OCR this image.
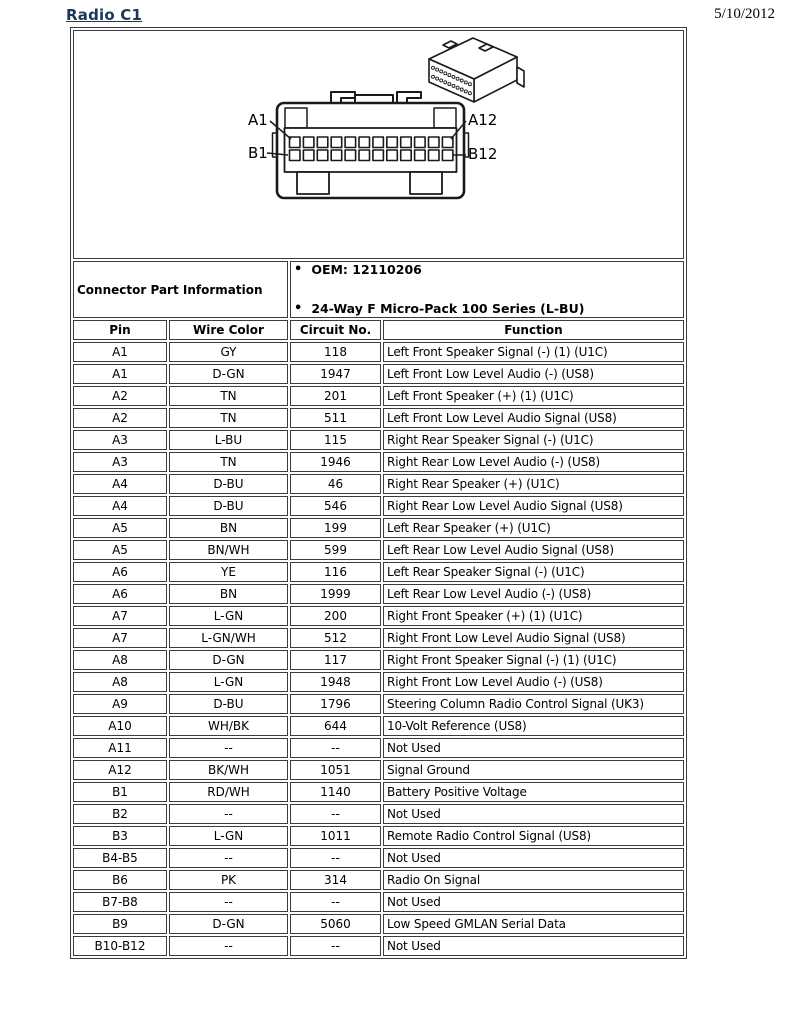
Radio C1	5/10/2012
A1 A12
B1 B12			

Connector Part Information		• OEM: 12110206
• 24-Way F Micro-Pack 100 Series (L-BU)	

Pin	Wire Color	Circuit No.	Function
A1	GY	118	Left Front Speaker Signal (-) (1) (U1C)
A1	D-GN	1947	Left Front Low Level Audio (-) (US8)
A2	TN	201	Left Front Speaker (+) (1) (U1C)
A2	TN	511	Left Front Low Level Audio Signal (US8)
A3	L-BU	115	Right Rear Speaker Signal (-) (U1C)
A3	TN	1946	Right Rear Low Level Audio (-) (US8)
A4	D-BU	46	Right Rear Speaker (+) (U1C)
A4	D-BU	546	Right Rear Low Level Audio Signal (US8)
A5	BN	199	Left Rear Speaker (+) (U1C)
A5	BN/WH	599	Left Rear Low Level Audio Signal (US8)
A6	YE	116	Left Rear Speaker Signal (-) (U1C)
A6	BN	1999	Left Rear Low Level Audio (-) (US8)
A7	L-GN	200	Right Front Speaker (+) (1) (U1C)
A7	L-GN/WH	512	Right Front Low Level Audio Signal (US8)
A8	D-GN	117	Right Front Speaker Signal (-) (1) (U1C)
A8	L-GN	1948	Right Front Low Level Audio (-) (US8)
A9	D-BU	1796	Steering Column Radio Control Signal (UK3)
A10	WH/BK	644	10-Volt Reference (US8)
A11	--	--	Not Used
A12	BK/WH	1051	Signal Ground
B1	RD/WH	1140	Battery Positive Voltage
B2	--	--	Not Used
B3	L-GN	1011	Remote Radio Control Signal (US8)
B4-B5	--	--	Not Used
B6	PK	314	Radio On Signal
B7-B8	--	--	Not Used
B9	D-GN	5060	Low Speed GMLAN Serial Data
B10-B12	--	--	Not Used
